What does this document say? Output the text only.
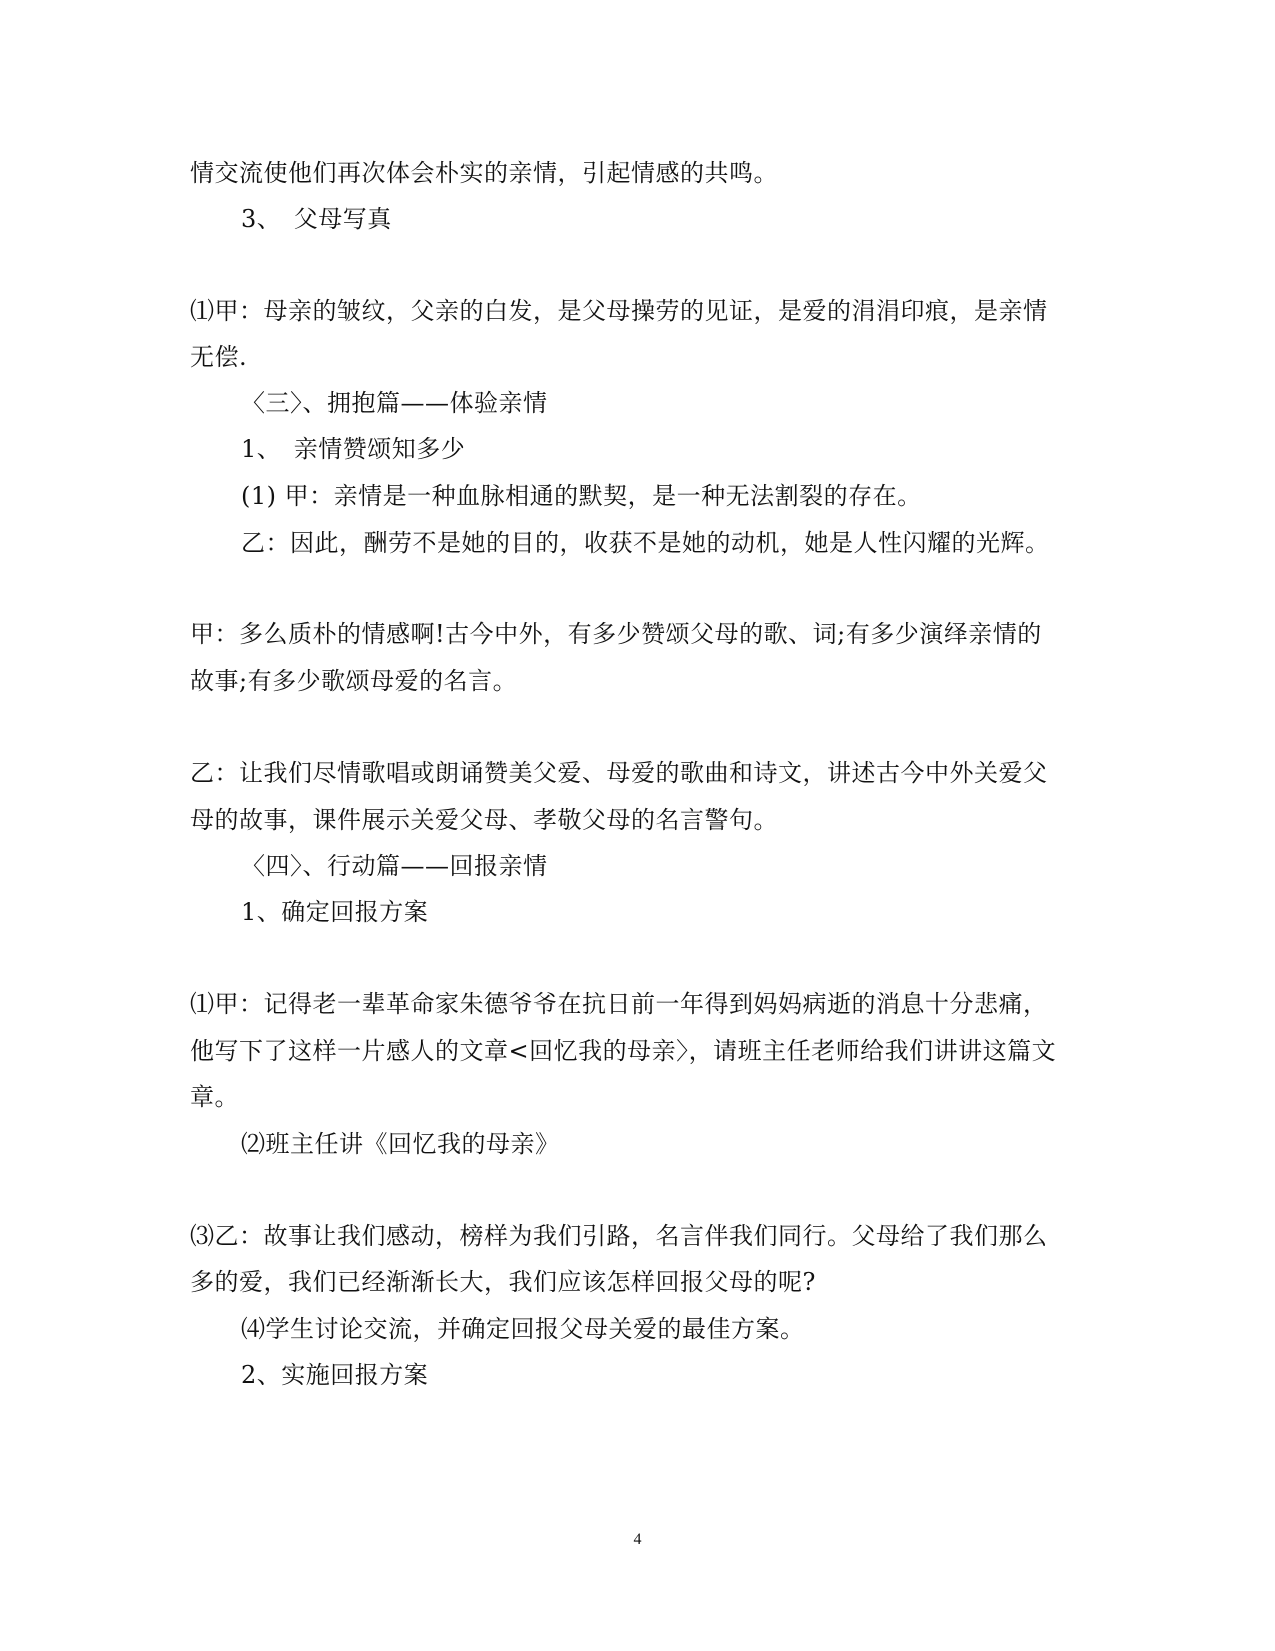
情交流使他们再次体会朴实的亲情，引起情感的共鸣。
3、　父母写真
⑴甲：母亲的皱纹，父亲的白发，是父母操劳的见证，是爱的涓涓印痕，是亲情
无偿.
〈三〉、拥抱篇——体验亲情
1、　亲情赞颂知多少
(1) 甲：亲情是一种血脉相通的默契，是一种无法割裂的存在。
乙：因此，酬劳不是她的目的，收获不是她的动机，她是人性闪耀的光辉。
甲：多么质朴的情感啊!古今中外，有多少赞颂父母的歌、词;有多少演绎亲情的
故事;有多少歌颂母爱的名言。
乙：让我们尽情歌唱或朗诵赞美父爱、母爱的歌曲和诗文，讲述古今中外关爱父
母的故事，课件展示关爱父母、孝敬父母的名言警句。
〈四〉、行动篇——回报亲情
1、确定回报方案
⑴甲：记得老一辈革命家朱德爷爷在抗日前一年得到妈妈病逝的消息十分悲痛，
他写下了这样一片感人的文章<回忆我的母亲〉，请班主任老师给我们讲讲这篇文
章。
⑵班主任讲《回忆我的母亲》
⑶乙：故事让我们感动，榜样为我们引路，名言伴我们同行。父母给了我们那么
多的爱，我们已经渐渐长大，我们应该怎样回报父母的呢?
⑷学生讨论交流，并确定回报父母关爱的最佳方案。
2、实施回报方案
4
